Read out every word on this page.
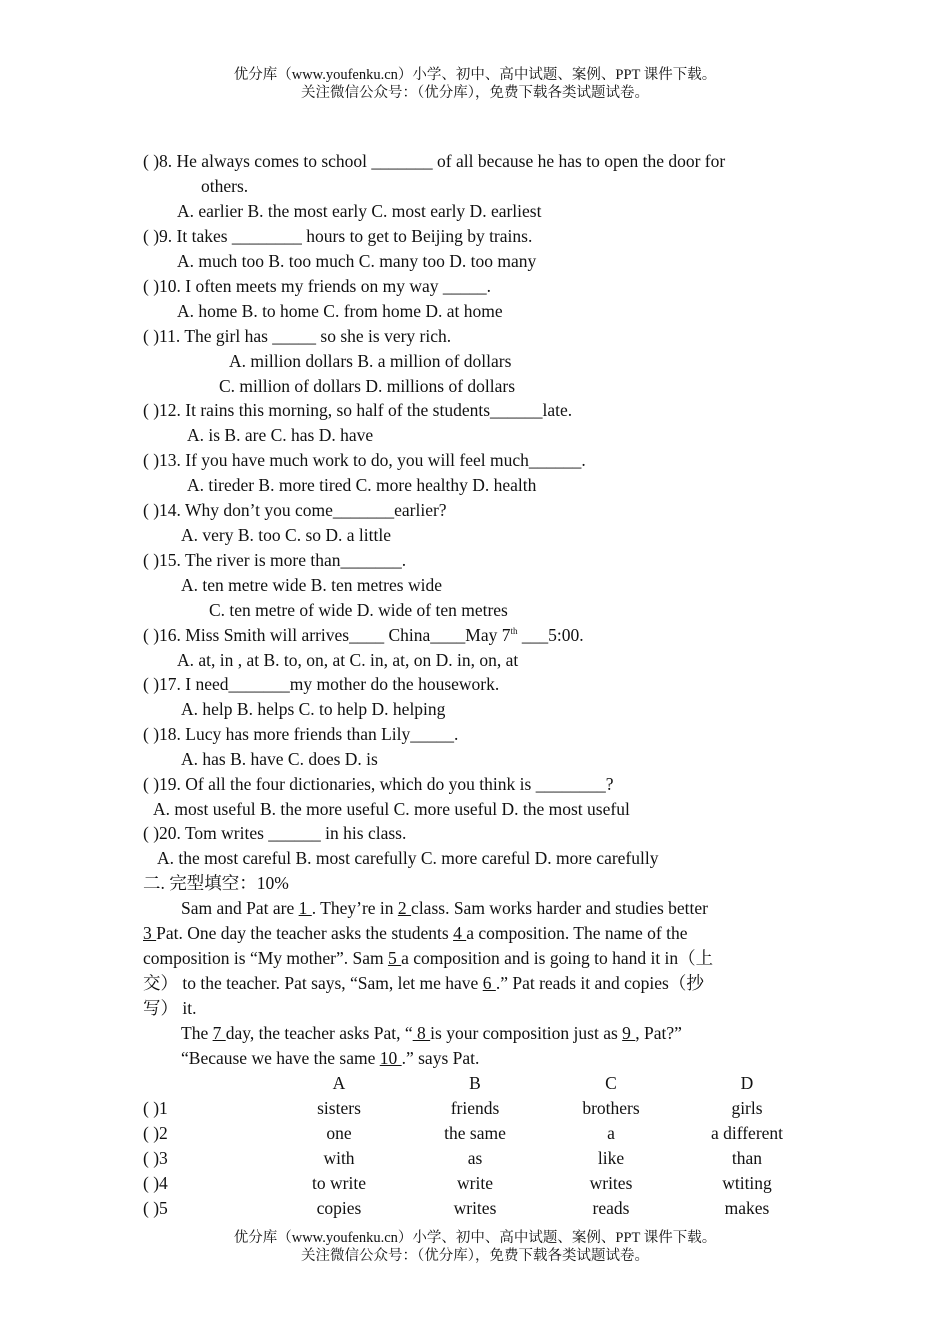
优分库（www.youfenku.cn）小学、初中、高中试题、案例、PPT 课件下载。
关注微信公众号：（优分库），免费下载各类试题试卷。
( )8. He always comes to school _______ of all because he has to open the door for
others.
A. earlier B. the most early C. most early D. earliest
( )9. It takes ________ hours to get to Beijing by trains.
A. much too B. too much C. many too D. too many
( )10. I often meets my friends on my way _____.
A. home B. to home C. from home D. at home
( )11. The girl has _____ so she is very rich.
A. million dollars B. a million of dollars
C. million of dollars D. millions of dollars
( )12. It rains this morning, so half of the students______late.
A. is B. are C. has D. have
( )13. If you have much work to do, you will feel much______.
A. tireder B. more tired C. more healthy D. health
( )14. Why don’t you come_______earlier?
A. very B. too C. so D. a little
( )15. The river is more than_______.
A. ten metre wide B. ten metres wide
C. ten metre of wide D. wide of ten metres
( )16. Miss Smith will arrives____ China____May 7th ___5:00.
A. at, in , at B. to, on, at C. in, at, on D. in, on, at
( )17. I need_______my mother do the housework.
A. help B. helps C. to help D. helping
( )18. Lucy has more friends than Lily_____.
A. has B. have C. does D. is
( )19. Of all the four dictionaries, which do you think is ________?
A. most useful B. the more useful C. more useful D. the most useful
( )20. Tom writes ______ in his class.
A. the most careful B. most carefully C. more careful D. more carefully
二. 完型填空：10%
Sam and Pat are 1 . They’re in 2 class. Sam works harder and studies better
3 Pat. One day the teacher asks the students 4 a composition. The name of the
composition is “My mother”. Sam 5 a composition and is going to hand it in（上
交） to the teacher. Pat says, “Sam, let me have 6 .” Pat reads it and copies（抄
写） it.
The 7 day, the teacher asks Pat, “ 8 is your composition just as 9 , Pat?”
“Because we have the same 10 .” says Pat.
A	B	C	D
( )1	sisters	friends	brothers	girls
( )2	one	the same	a	a different
( )3	with	as	like	than
( )4	to write	write	writes	wtiting
( )5	copies	writes	reads	makes
优分库（www.youfenku.cn）小学、初中、高中试题、案例、PPT 课件下载。
关注微信公众号：（优分库），免费下载各类试题试卷。
